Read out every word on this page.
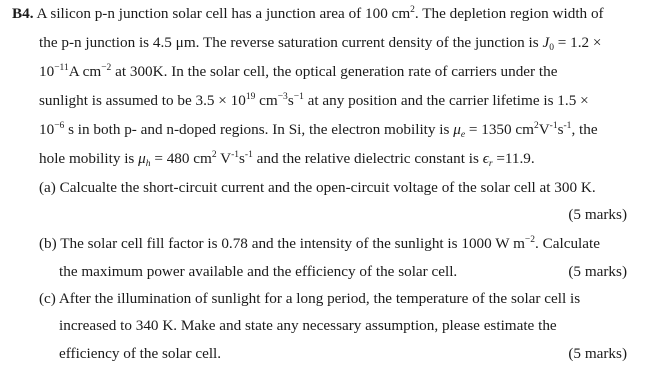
B4. A silicon p-n junction solar cell has a junction area of 100 $cm^2$. The depletion region width of
the p-n junction is 4.5 μm. The reverse saturation current density of the junction is $J_0 = 1.2$ ×
$10^{-11}A$ $cm^{-2}$ at 300K. In the solar cell, the optical generation rate of carriers under the
sunlight is assumed to be $3.5 \times 10^{19}$ $cm^{-3}s^{-1}$ at any position and the carrier lifetime is 1.5 ×
$10^{-6}$ s in both p- and n-doped regions. In Si, the electron mobility is $\mu_e = 1350$ $cm^2V^{-1}s^{-1}$, the
hole mobility is $\mu_h = 480$ $cm^2$ $V^{-1}s^{-1}$ and the relative dielectric constant is $\epsilon_r =11.9$.
(a) Calcualte the short-circuit current and the open-circuit voltage of the solar cell at 300 K.
(5 marks)
(b) The solar cell fill factor is 0.78 and the intensity of the sunlight is 1000 W $m^{-2}$. Calculate
the maximum power available and the efficiency of the solar cell.	(5 marks)
(c) After the illumination of sunlight for a long period, the temperature of the solar cell is
increased to 340 K. Make and state any necessary assumption, please estimate the
efficiency of the solar cell.	(5 marks)
